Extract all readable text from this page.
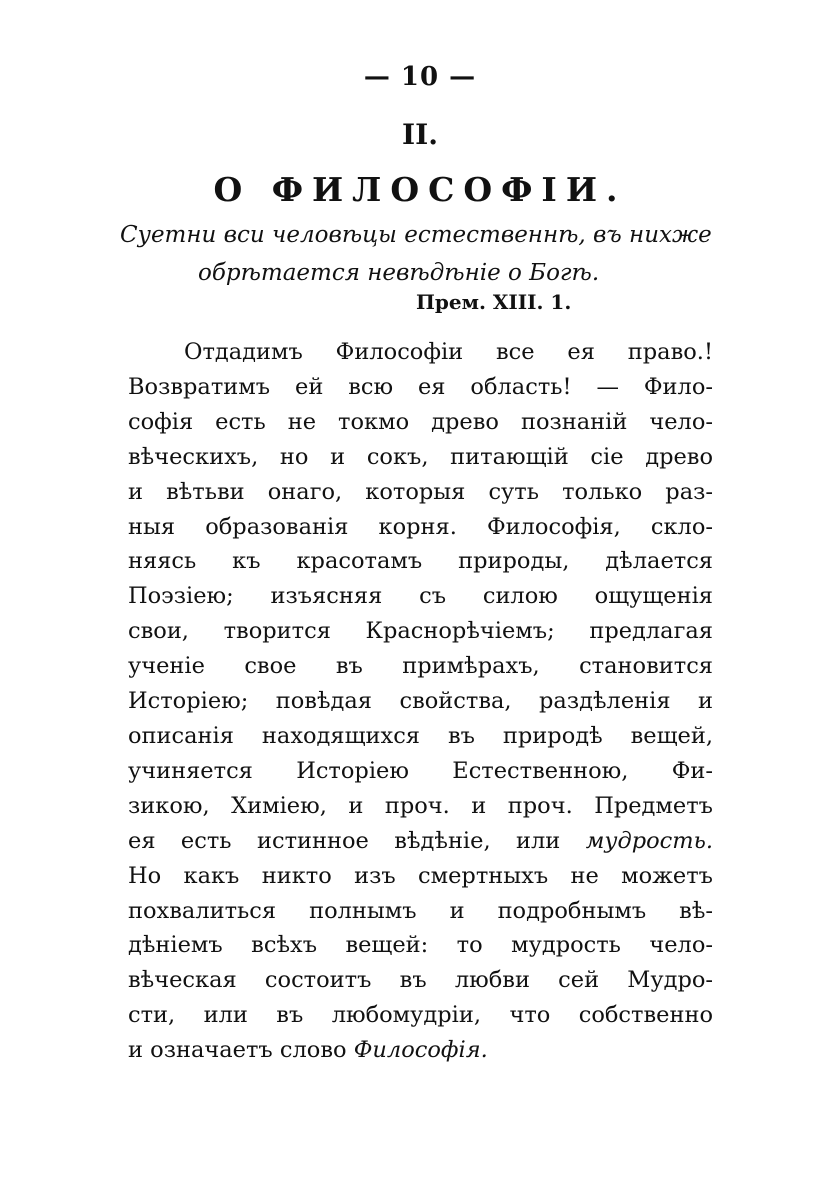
— 10 —
II.
О ФИЛОСОФІИ.
Суетни вси человѣцы естественнѣ, въ нихже
обрѣтается невѣдѣніе о Богѣ.
Прем. XIII. 1.
Отдадимъ Философіи все ея право.!
Возвратимъ ей всю ея область! — Фило-
софія есть не токмо древо познаній чело-
вѣческихъ, но и сокъ, питающій сіе древо
и вѣтьви онаго, которыя суть только раз-
ныя образованія корня. Философія, скло-
няясь къ красотамъ природы, дѣлается
Поэзіею; изъясняя съ силою ощущенія
свои, творится Краснорѣчіемъ; предлагая
ученіе свое въ примѣрахъ, становится
Исторіею; повѣдая свойства, раздѣленія и
описанія находящихся въ природѣ вещей,
учиняется Исторіею Естественною, Фи-
зикою, Химіею, и проч. и проч. Предметъ
ея есть истинное вѣдѣніе, или мудрость.
Но какъ никто изъ смертныхъ не можетъ
похвалиться полнымъ и подробнымъ вѣ-
дѣніемъ всѣхъ вещей: то мудрость чело-
вѣческая состоитъ въ любви сей Мудро-
сти, или въ любомудріи, что собственно
и означаетъ слово Философія.
